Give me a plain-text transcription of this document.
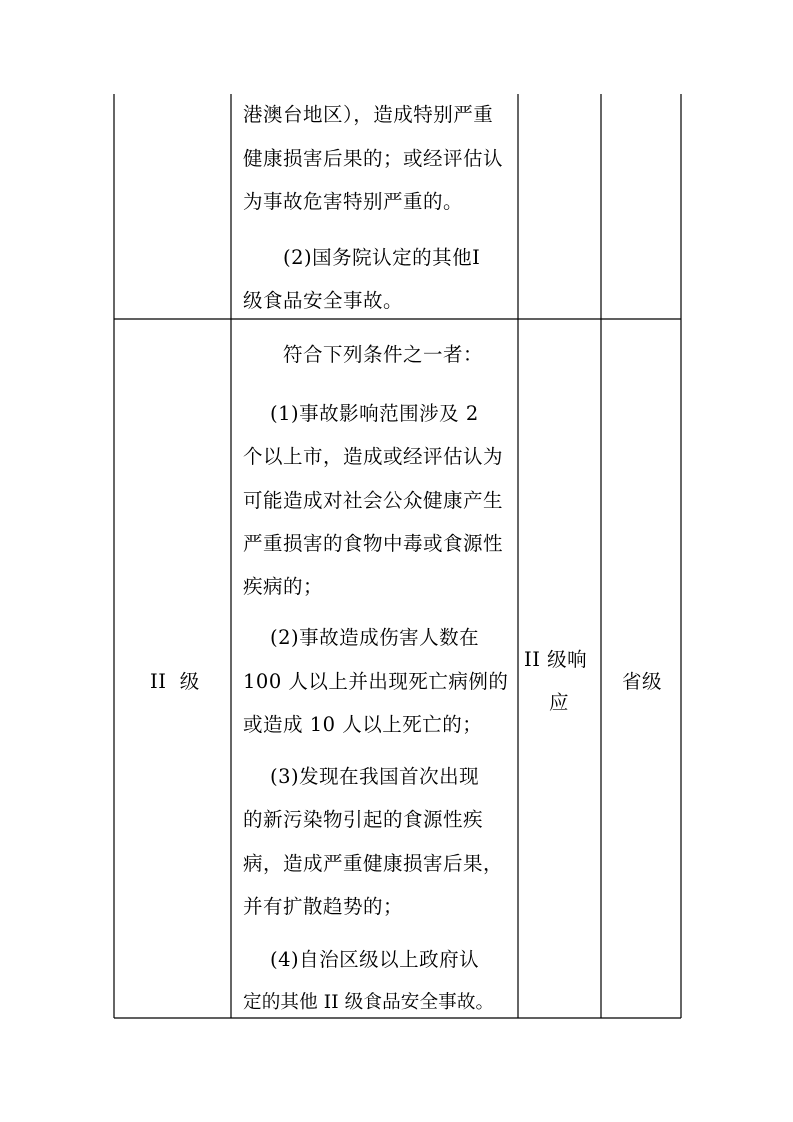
港澳台地区），造成特别严重
健康损害后果的；或经评估认
为事故危害特别严重的。
(2)国务院认定的其他I
级食品安全事故。
II  级
符合下列条件之一者：
(1)事故影响范围涉及 2
个以上市，造成或经评估认为
可能造成对社会公众健康产生
严重损害的食物中毒或食源性
疾病的；
(2)事故造成伤害人数在
100 人以上并出现死亡病例的
或造成 10 人以上死亡的；
(3)发现在我国首次出现
的新污染物引起的食源性疾
病，造成严重健康损害后果，
并有扩散趋势的；
(4)自治区级以上政府认
定的其他 II 级食品安全事故。
II 级响
应
省级
